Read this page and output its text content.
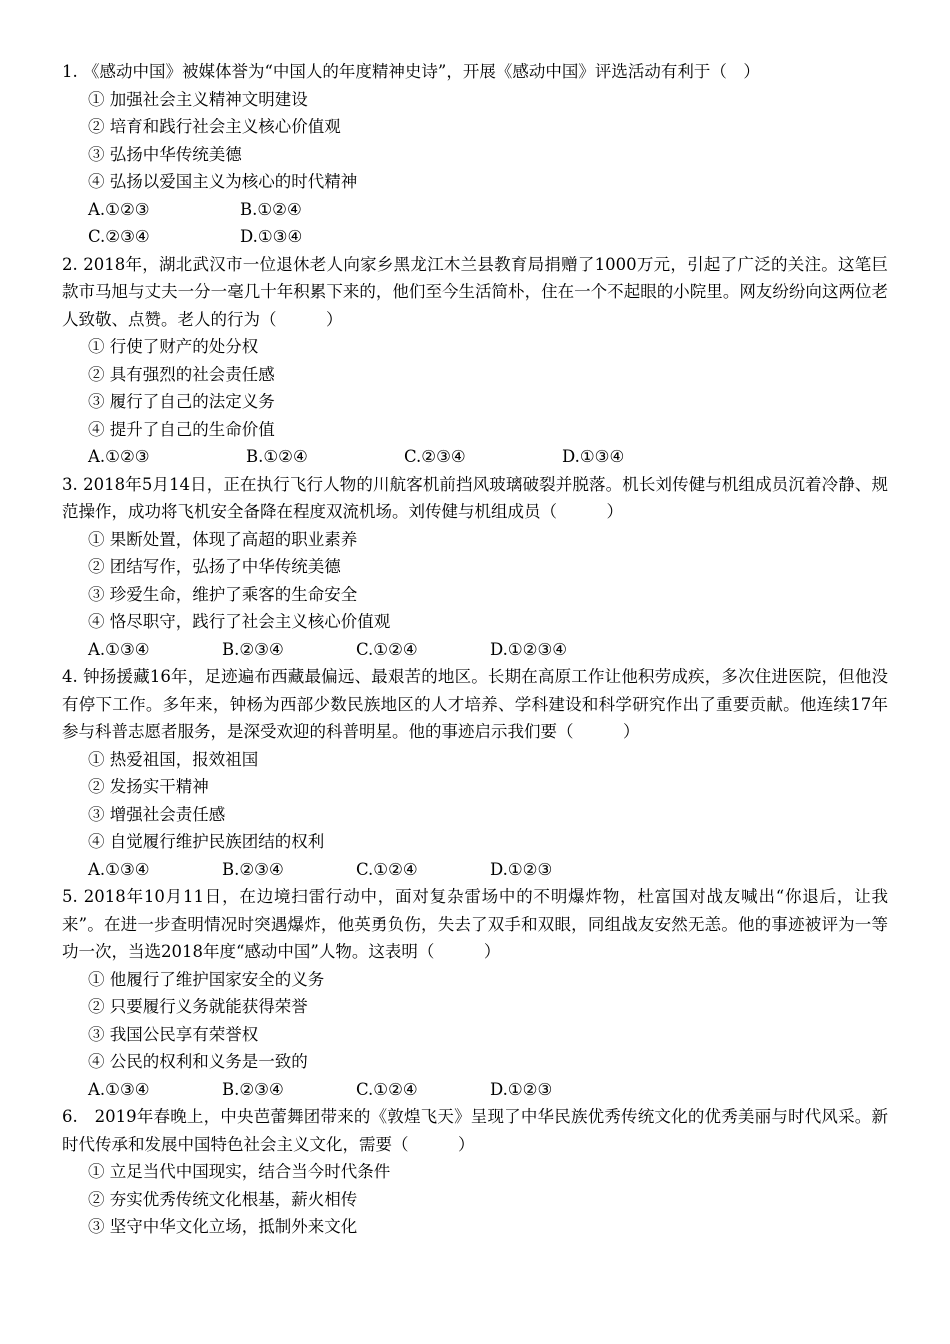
1. 《感动中国》被媒体誉为“中国人的年度精神史诗”，开展《感动中国》评选活动有利于（　）

① 加强社会主义精神文明建设

② 培育和践行社会主义核心价值观

③ 弘扬中华传统美德

④ 弘扬以爱国主义为核心的时代精神

A.①②③	B.①②④
C.②③④	D.①③④

2. 2018年，湖北武汉市一位退休老人向家乡黑龙江木兰县教育局捐赠了1000万元，引起了广泛的关注。这笔巨款市马旭与丈夫一分一毫几十年积累下来的，他们至今生活简朴，住在一个不起眼的小院里。网友纷纷向这两位老人致敬、点赞。老人的行为（　　　）

① 行使了财产的处分权

② 具有强烈的社会责任感

③ 履行了自己的法定义务

④ 提升了自己的生命价值

A.①②③	B.①②④	C.②③④	D.①③④

3. 2018年5月14日，正在执行飞行人物的川航客机前挡风玻璃破裂并脱落。机长刘传健与机组成员沉着冷静、规范操作，成功将飞机安全备降在程度双流机场。刘传健与机组成员（　　　）

① 果断处置，体现了高超的职业素养

② 团结写作，弘扬了中华传统美德

③ 珍爱生命，维护了乘客的生命安全

④ 恪尽职守，践行了社会主义核心价值观

A.①③④	B.②③④	C.①②④	D.①②③④

4. 钟扬援藏16年，足迹遍布西藏最偏远、最艰苦的地区。长期在高原工作让他积劳成疾，多次住进医院，但他没有停下工作。多年来，钟杨为西部少数民族地区的人才培养、学科建设和科学研究作出了重要贡献。他连续17年参与科普志愿者服务，是深受欢迎的科普明星。他的事迹启示我们要（　　　）

① 热爱祖国，报效祖国

② 发扬实干精神

③ 增强社会责任感

④ 自觉履行维护民族团结的权利

A.①③④	B.②③④	C.①②④	D.①②③

5. 2018年10月11日，在边境扫雷行动中，面对复杂雷场中的不明爆炸物，杜富国对战友喊出“你退后，让我来”。在进一步查明情况时突遇爆炸，他英勇负伤，失去了双手和双眼，同组战友安然无恙。他的事迹被评为一等功一次，当选2018年度“感动中国”人物。这表明（　　　）

① 他履行了维护国家安全的义务

② 只要履行义务就能获得荣誉

③ 我国公民享有荣誉权

④ 公民的权利和义务是一致的

A.①③④	B.②③④	C.①②④	D.①②③

6.　2019年春晚上，中央芭蕾舞团带来的《敦煌飞天》呈现了中华民族优秀传统文化的优秀美丽与时代风采。新时代传承和发展中国特色社会主义文化，需要（　　　）

① 立足当代中国现实，结合当今时代条件

② 夯实优秀传统文化根基，薪火相传

③ 坚守中华文化立场，抵制外来文化
